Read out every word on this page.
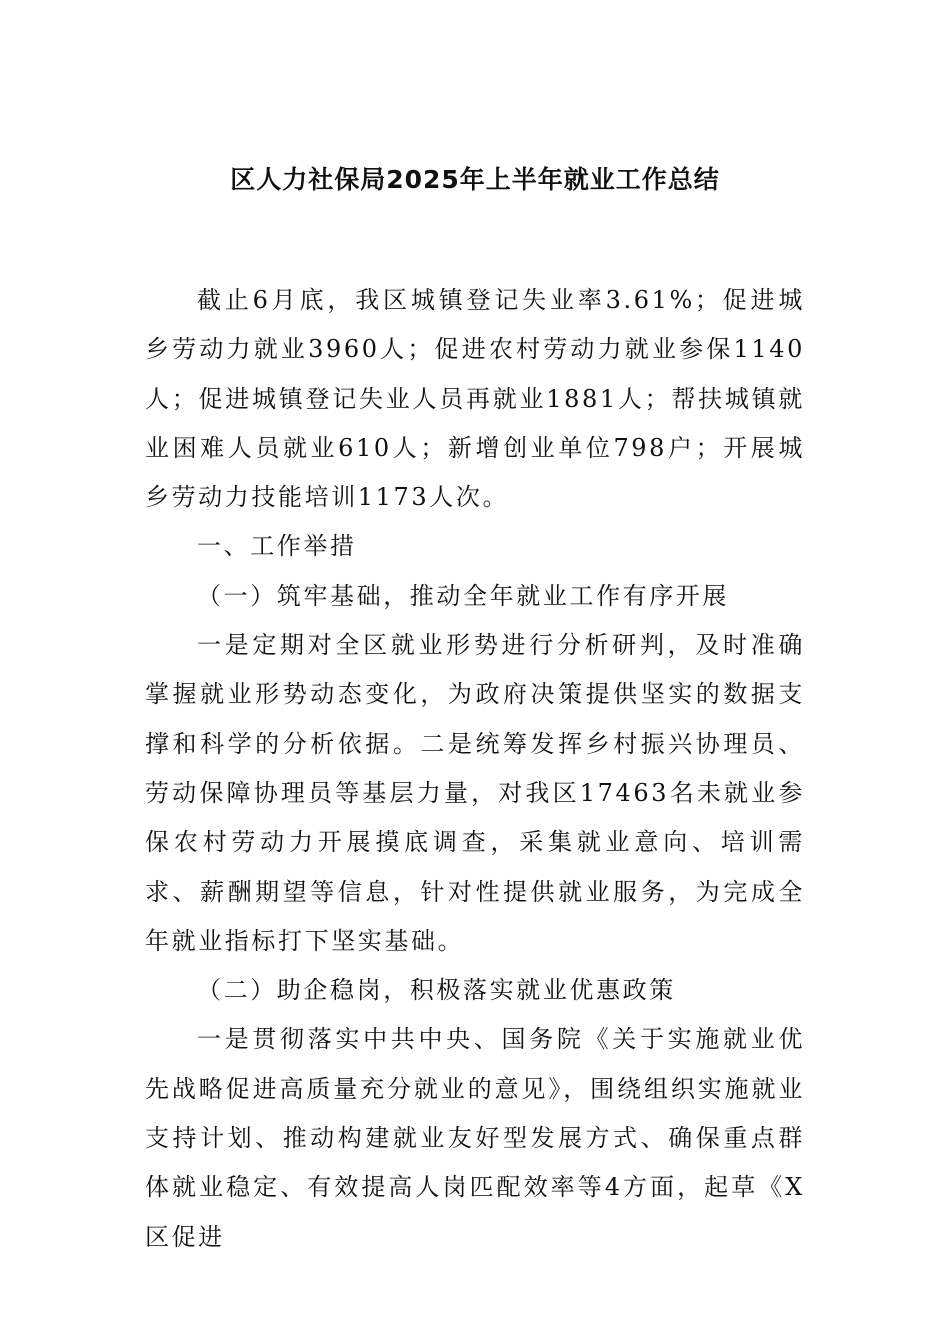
区人力社保局2025年上半年就业工作总结

截止6月底，我区城镇登记失业率3.61%；促进城乡劳动力就业3960人；促进农村劳动力就业参保1140人；促进城镇登记失业人员再就业1881人；帮扶城镇就业困难人员就业610人；新增创业单位798户；开展城乡劳动力技能培训1173人次。

一、工作举措

（一）筑牢基础，推动全年就业工作有序开展

一是定期对全区就业形势进行分析研判，及时准确掌握就业形势动态变化，为政府决策提供坚实的数据支撑和科学的分析依据。二是统筹发挥乡村振兴协理员、劳动保障协理员等基层力量，对我区17463名未就业参保农村劳动力开展摸底调查，采集就业意向、培训需求、薪酬期望等信息，针对性提供就业服务，为完成全年就业指标打下坚实基础。

（二）助企稳岗，积极落实就业优惠政策

一是贯彻落实中共中央、国务院《关于实施就业优先战略促进高质量充分就业的意见》，围绕组织实施就业支持计划、推动构建就业友好型发展方式、确保重点群体就业稳定、有效提高人岗匹配效率等4方面，起草《X区促进
